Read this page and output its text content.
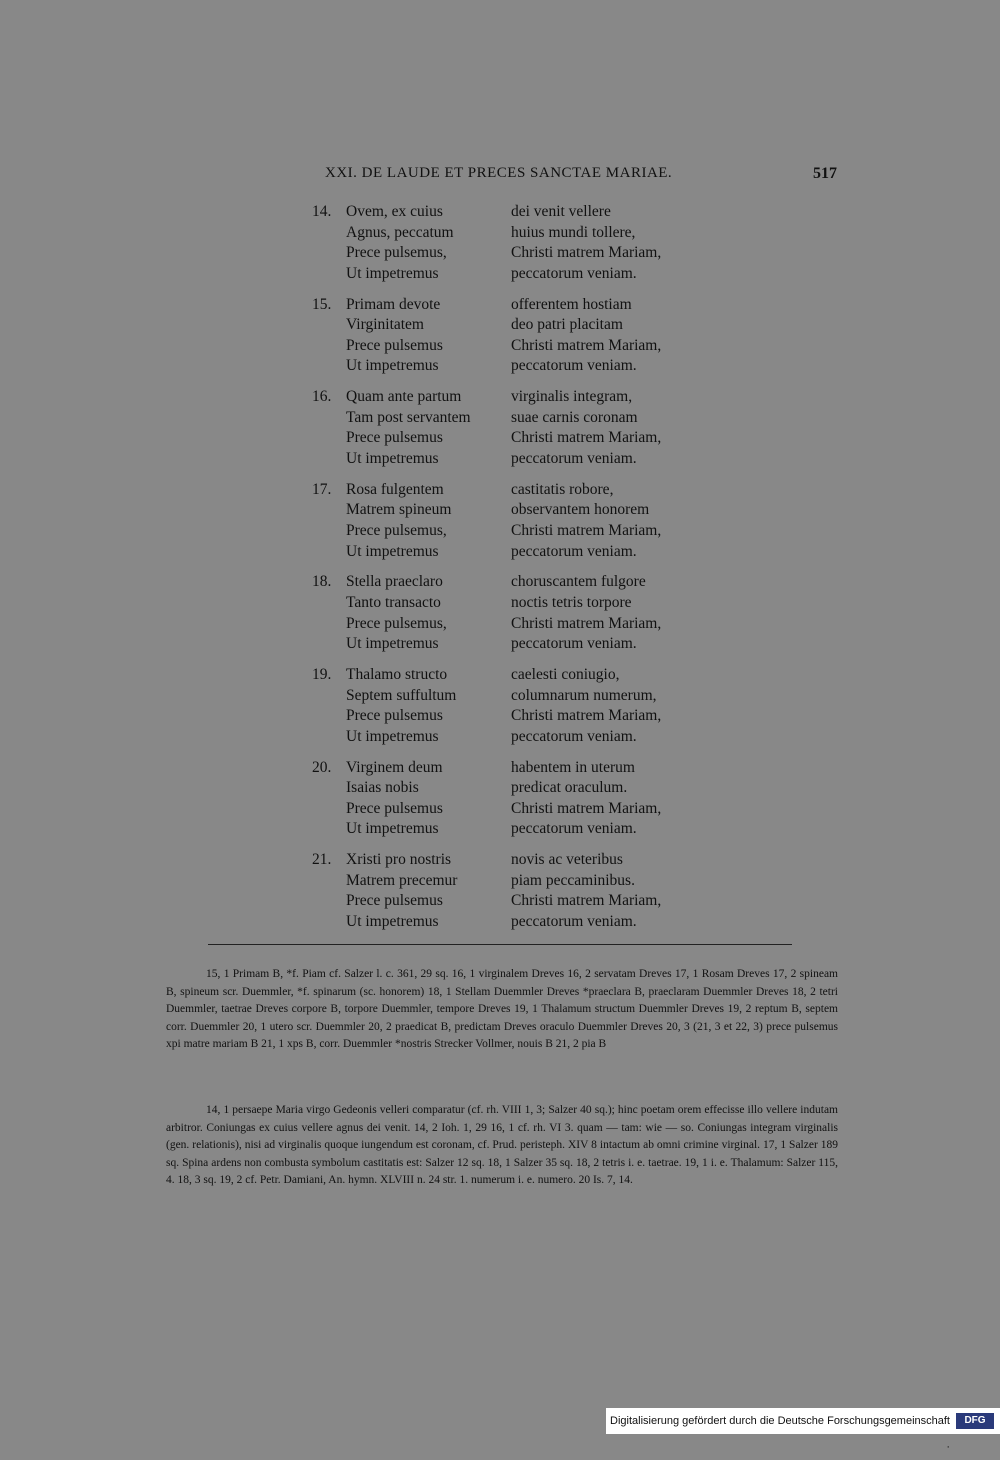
XXI. DE LAUDE ET PRECES SANCTAE MARIAE.	517
14. Ovem, ex cuius	dei venit vellere
Agnus, peccatum	huius mundi tollere,
Prece pulsemus,	Christi matrem Mariam,
Ut impetremus	peccatorum veniam.
15. Primam devote	offerentem hostiam
Virginitatem	deo patri placitam
Prece pulsemus	Christi matrem Mariam,
Ut impetremus	peccatorum veniam.
16. Quam ante partum	virginalis integram,
Tam post servantem	suae carnis coronam
Prece pulsemus	Christi matrem Mariam,
Ut impetremus	peccatorum veniam.
17. Rosa fulgentem	castitatis robore,
Matrem spineum	observantem honorem
Prece pulsemus,	Christi matrem Mariam,
Ut impetremus	peccatorum veniam.
18. Stella praeclaro	choruscantem fulgore
Tanto transacto	noctis tetris torpore
Prece pulsemus,	Christi matrem Mariam,
Ut impetremus	peccatorum veniam.
19. Thalamo structo	caelesti coniugio,
Septem suffultum	columnarum numerum,
Prece pulsemus	Christi matrem Mariam,
Ut impetremus	peccatorum veniam.
20. Virginem deum	habentem in uterum
Isaias nobis	predicat oraculum.
Prece pulsemus	Christi matrem Mariam,
Ut impetremus	peccatorum veniam.
21. Xristi pro nostris	novis ac veteribus
Matrem precemur	piam peccaminibus.
Prece pulsemus	Christi matrem Mariam,
Ut impetremus	peccatorum veniam.

15, 1 Primam B, *f. Piam cf. Salzer l. c. 361, 29 sq. 16, 1 virginalem Dreves 16, 2 servatam Dreves 17, 1 Rosam Dreves 17, 2 spineam B, spineum scr. Duemmler, *f. spinarum (sc. honorem) 18, 1 Stellam Duemmler Dreves *praeclara B, praeclaram Duemmler Dreves 18, 2 tetri Duemmler, taetrae Dreves corpore B, torpore Duemmler, tempore Dreves 19, 1 Thalamum structum Duemmler Dreves 19, 2 reptum B, septem corr. Duemmler 20, 1 utero scr. Duemmler 20, 2 praedicat B, predictam Dreves oraculo Duemmler Dreves 20, 3 (21, 3 et 22, 3) prece pulsemus xpi matre mariam B 21, 1 xps B, corr. Duemmler *nostris Strecker Vollmer, nouis B 21, 2 pia B

14, 1 persaepe Maria virgo Gedeonis velleri comparatur (cf. rh. VIII 1, 3; Salzer 40 sq.); hinc poetam orem effecisse illo vellere indutam arbitror. Coniungas ex cuius vellere agnus dei venit. 14, 2 Ioh. 1, 29 16, 1 cf. rh. VI 3. quam — tam: wie — so. Coniungas integram virginalis (gen. relationis), nisi ad virginalis quoque iungendum est coronam, cf. Prud. peristeph. XIV 8 intactum ab omni crimine virginal. 17, 1 Salzer 189 sq. Spina ardens non combusta symbolum castitatis est: Salzer 12 sq. 18, 1 Salzer 35 sq. 18, 2 tetris i. e. taetrae. 19, 1 i. e. Thalamum: Salzer 115, 4. 18, 3 sq. 19, 2 cf. Petr. Damiani, An. hymn. XLVIII n. 24 str. 1. numerum i. e. numero. 20 Is. 7, 14.

Digitalisierung gefördert durch die Deutsche Forschungsgemeinschaft ·
DFG
